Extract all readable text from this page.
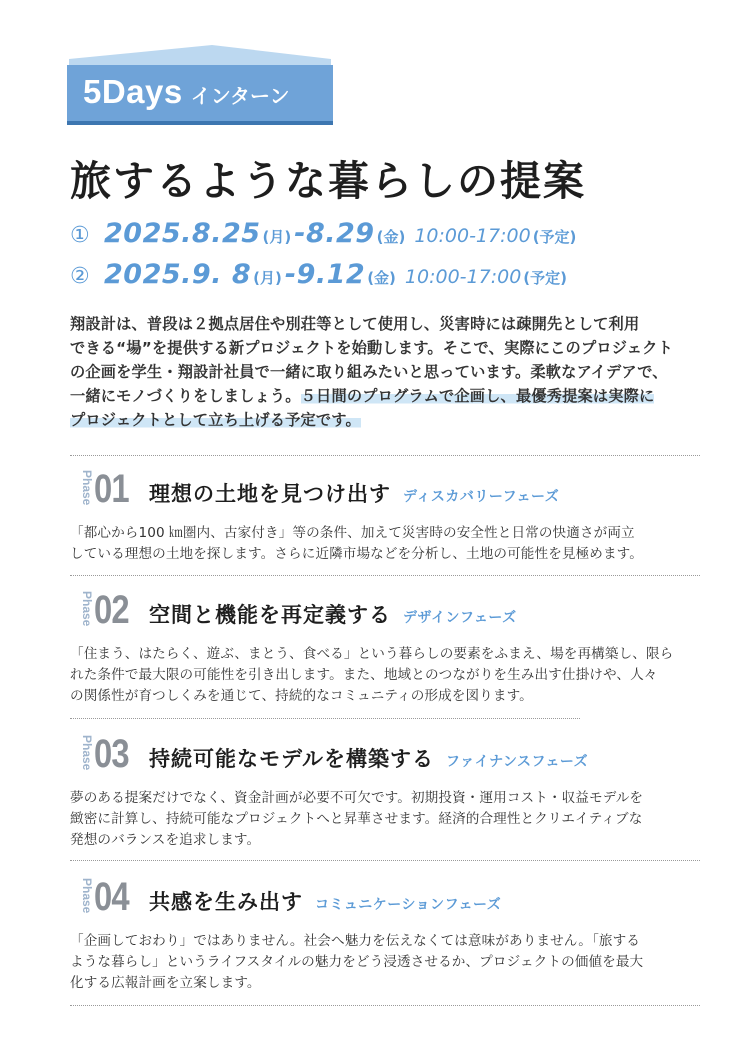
5Days インターン
旅するような暮らしの提案
① 2025.8.25 (月) - 8.29 (金) 10:00-17:00 (予定)
② 2025.9. 8 (月) - 9.12 (金) 10:00-17:00 (予定)

翔設計は、普段は２拠点居住や別荘等として使用し、災害時には疎開先として利用

できる“場”を提供する新プロジェクトを始動します。そこで、実際にこのプロジェクト

の企画を学生・翔設計社員で一緒に取り組みたいと思っています。柔軟なアイデアで、

一緒にモノづくりをしましょう。５日間のプログラムで企画し、最優秀提案は実際に

プロジェクトとして立ち上げる予定です。

Phase 01 理想の土地を見つけ出す ディスカバリーフェーズ
「都心から100 ㎞圏内、古家付き」等の条件、加えて災害時の安全性と日常の快適さが両立
している理想の土地を探します。さらに近隣市場などを分析し、土地の可能性を見極めます。
Phase 02 空間と機能を再定義する デザインフェーズ
「住まう、はたらく、遊ぶ、まとう、食べる」という暮らしの要素をふまえ、場を再構築し、限ら
れた条件で最大限の可能性を引き出します。また、地域とのつながりを生み出す仕掛けや、人々
の関係性が育つしくみを通じて、持続的なコミュニティの形成を図ります。
Phase 03 持続可能なモデルを構築する ファイナンスフェーズ
夢のある提案だけでなく、資金計画が必要不可欠です。初期投資・運用コスト・収益モデルを
緻密に計算し、持続可能なプロジェクトへと昇華させます。経済的合理性とクリエイティブな
発想のバランスを追求します。
Phase 04 共感を生み出す コミュニケーションフェーズ
「企画しておわり」ではありません。社会へ魅力を伝えなくては意味がありません。「旅する
ような暮らし」というライフスタイルの魅力をどう浸透させるか、プロジェクトの価値を最大
化する広報計画を立案します。
